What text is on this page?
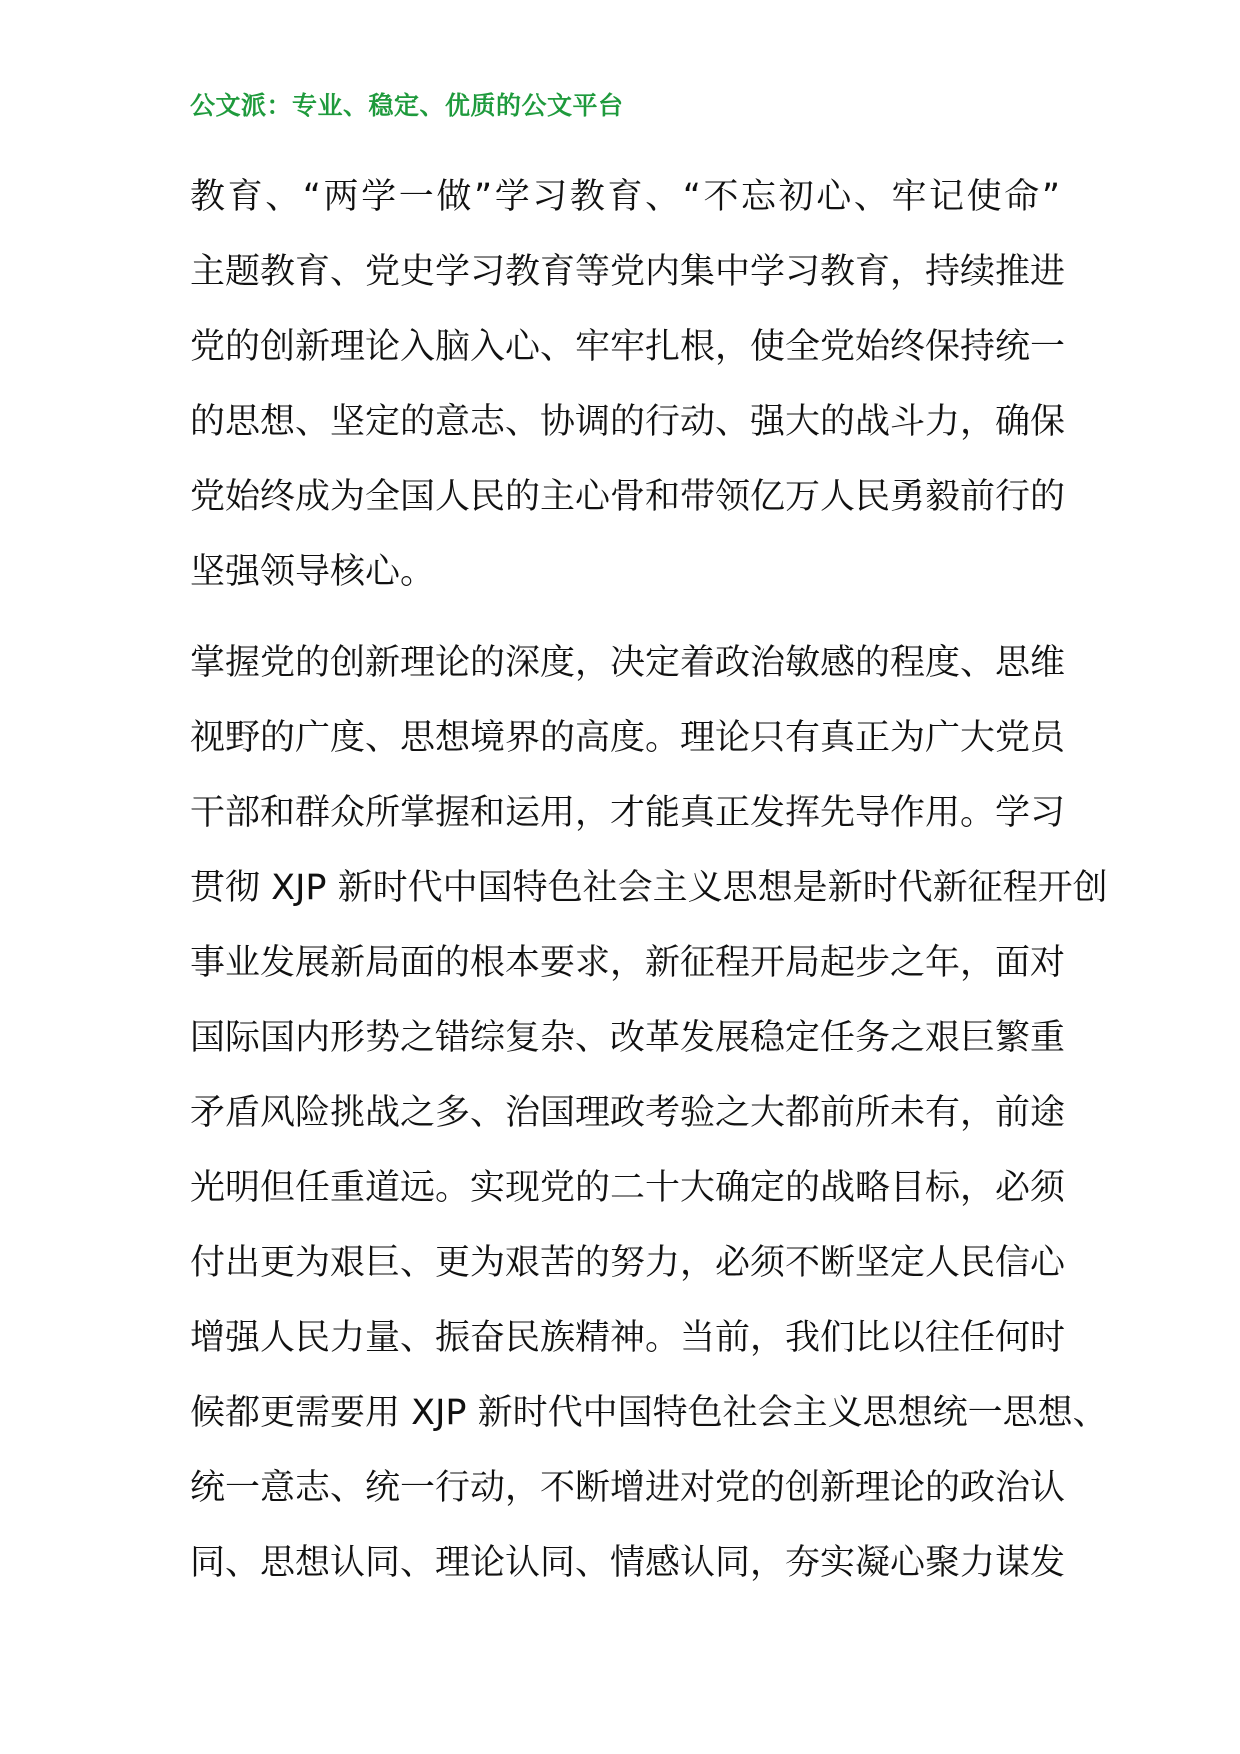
公文派：专业、稳定、优质的公文平台
教育、“两学一做”学习教育、“不忘初心、牢记使命”
主题教育、党史学习教育等党内集中学习教育，持续推进
党的创新理论入脑入心、牢牢扎根，使全党始终保持统一
的思想、坚定的意志、协调的行动、强大的战斗力，确保
党始终成为全国人民的主心骨和带领亿万人民勇毅前行的
坚强领导核心。
掌握党的创新理论的深度，决定着政治敏感的程度、思维
视野的广度、思想境界的高度。理论只有真正为广大党员
干部和群众所掌握和运用，才能真正发挥先导作用。学习
贯彻 XJP 新时代中国特色社会主义思想是新时代新征程开创
事业发展新局面的根本要求，新征程开局起步之年，面对
国际国内形势之错综复杂、改革发展稳定任务之艰巨繁重
矛盾风险挑战之多、治国理政考验之大都前所未有，前途
光明但任重道远。实现党的二十大确定的战略目标，必须
付出更为艰巨、更为艰苦的努力，必须不断坚定人民信心
增强人民力量、振奋民族精神。当前，我们比以往任何时
候都更需要用 XJP 新时代中国特色社会主义思想统一思想、
统一意志、统一行动，不断增进对党的创新理论的政治认
同、思想认同、理论认同、情感认同，夯实凝心聚力谋发
